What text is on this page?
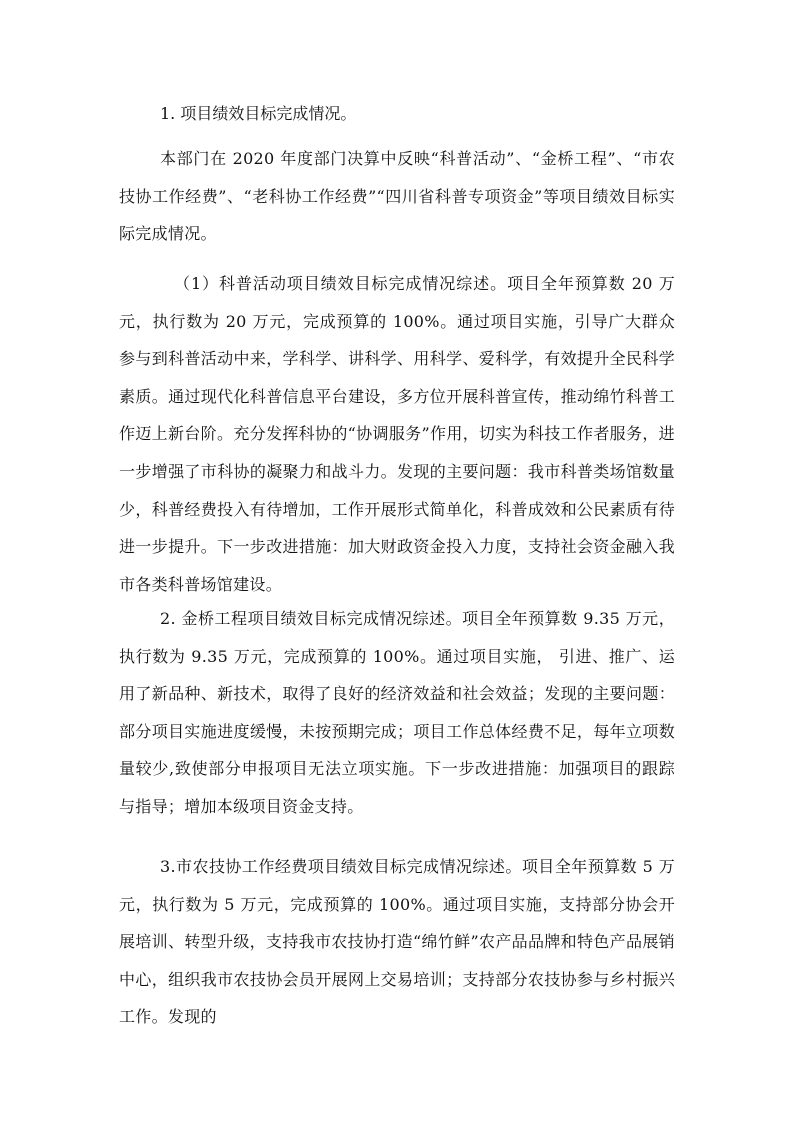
1. 项目绩效目标完成情况。

本部门在 2020 年度部门决算中反映“科普活动”、“金桥工程”、“市农技协工作经费”、“老科协工作经费”“四川省科普专项资金”等项目绩效目标实际完成情况。

（1）科普活动项目绩效目标完成情况综述。项目全年预算数 20 万元，执行数为 20 万元，完成预算的 100%。通过项目实施，引导广大群众参与到科普活动中来，学科学、讲科学、用科学、爱科学，有效提升全民科学素质。通过现代化科普信息平台建设，多方位开展科普宣传，推动绵竹科普工作迈上新台阶。充分发挥科协的“协调服务”作用，切实为科技工作者服务，进一步增强了市科协的凝聚力和战斗力。发现的主要问题：我市科普类场馆数量少，科普经费投入有待增加，工作开展形式简单化，科普成效和公民素质有待进一步提升。下一步改进措施：加大财政资金投入力度，支持社会资金融入我市各类科普场馆建设。

2. 金桥工程项目绩效目标完成情况综述。项目全年预算数 9.35 万元，执行数为 9.35 万元，完成预算的 100%。通过项目实施， 引进、推广、运用了新品种、新技术，取得了良好的经济效益和社会效益；发现的主要问题：部分项目实施进度缓慢，未按预期完成；项目工作总体经费不足，每年立项数量较少,致使部分申报项目无法立项实施。下一步改进措施：加强项目的跟踪与指导；增加本级项目资金支持。

3.市农技协工作经费项目绩效目标完成情况综述。项目全年预算数 5 万元，执行数为 5 万元，完成预算的 100%。通过项目实施，支持部分协会开展培训、转型升级，支持我市农技协打造“绵竹鲜”农产品品牌和特色产品展销中心，组织我市农技协会员开展网上交易培训；支持部分农技协参与乡村振兴工作。发现的
